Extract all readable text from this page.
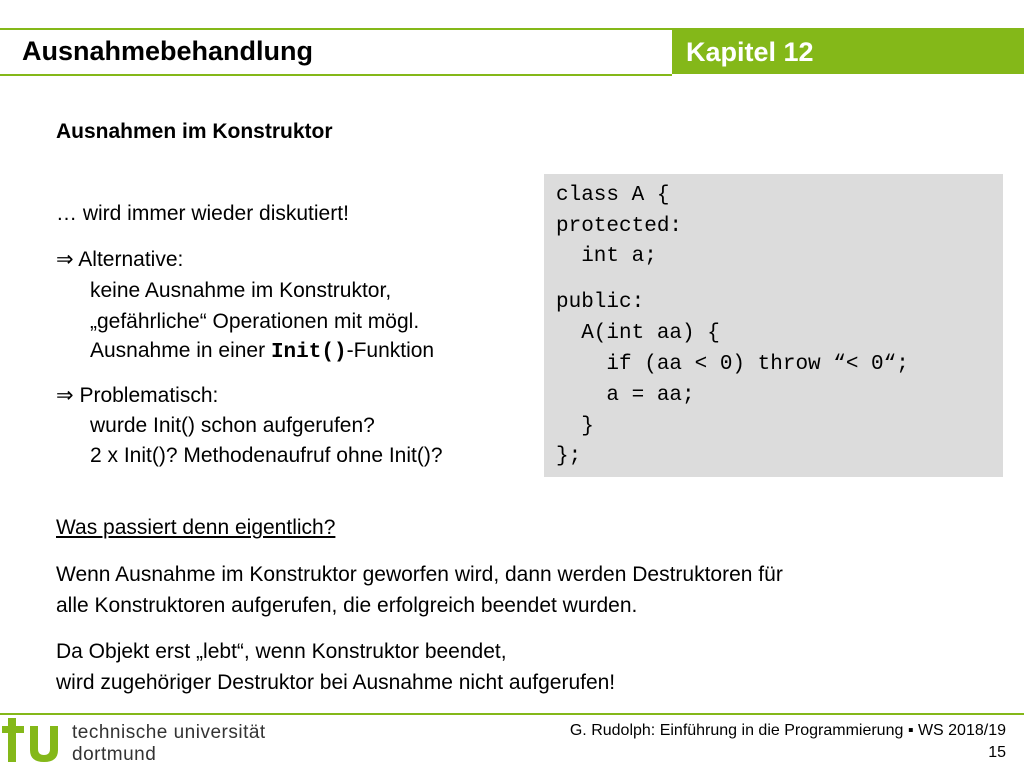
Ausnahmebehandlung	Kapitel 12
Ausnahmen im Konstruktor
… wird immer wieder diskutiert!
⇒ Alternative:
keine Ausnahme im Konstruktor,
„gefährliche“ Operationen mit mögl.
Ausnahme in einer Init()-Funktion
⇒ Problematisch:
wurde Init() schon aufgerufen?
2 x Init()? Methodenaufruf ohne Init()?
class A {
protected:
int a;
public:
A(int aa) {
if (aa < 0) throw “< 0“;
a = aa;
}
};
Was passiert denn eigentlich?
Wenn Ausnahme im Konstruktor geworfen wird, dann werden Destruktoren für
alle Konstruktoren aufgerufen, die erfolgreich beendet wurden.
Da Objekt erst „lebt“, wenn Konstruktor beendet,
wird zugehöriger Destruktor bei Ausnahme nicht aufgerufen!
tu
technische universität
dortmund
G. Rudolph: Einführung in die Programmierung ▪ WS 2018/19
15
